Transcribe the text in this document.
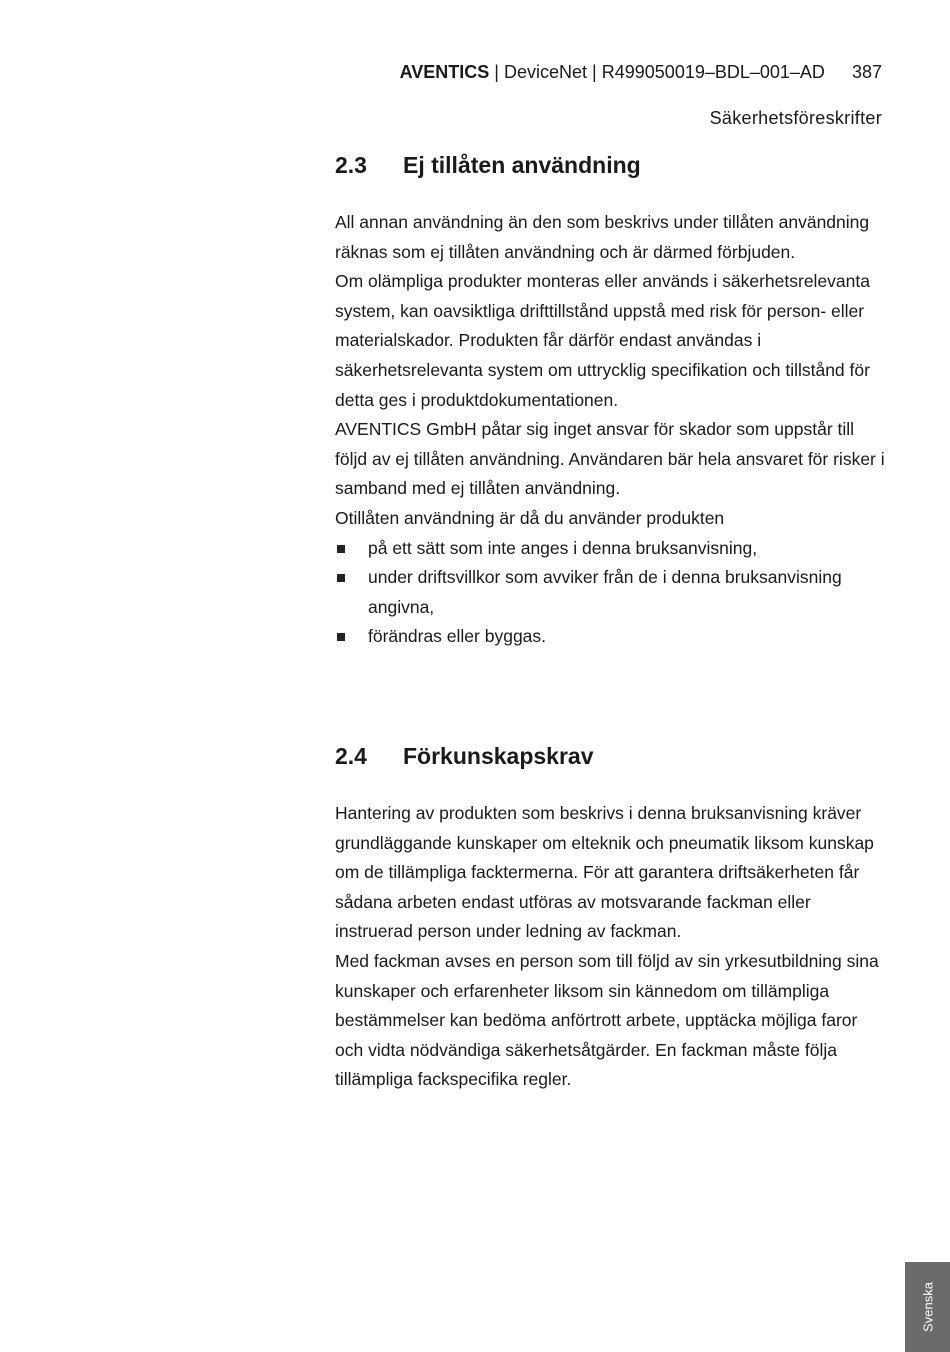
AVENTICS | DeviceNet | R499050019–BDL–001–AD 387
Säkerhetsföreskrifter
2.3 Ej tillåten användning

All annan användning än den som beskrivs under tillåten användning räknas som ej tillåten användning och är därmed förbjuden.

Om olämpliga produkter monteras eller används i säkerhetsrelevanta system, kan oavsiktliga drifttillstånd uppstå med risk för person- eller materialskador. Produkten får därför endast användas i säkerhetsrelevanta system om uttrycklig specifikation och tillstånd för detta ges i produktdokumentationen.

AVENTICS GmbH påtar sig inget ansvar för skador som uppstår till följd av ej tillåten användning. Användaren bär hela ansvaret för risker i samband med ej tillåten användning.

Otillåten användning är då du använder produkten

på ett sätt som inte anges i denna bruksanvisning,
under driftsvillkor som avviker från de i denna bruksanvisning angivna,
förändras eller byggas.
2.4 Förkunskapskrav

Hantering av produkten som beskrivs i denna bruksanvisning kräver grundläggande kunskaper om elteknik och pneumatik liksom kunskap om de tillämpliga facktermerna. För att garantera driftsäkerheten får sådana arbeten endast utföras av motsvarande fackman eller instruerad person under ledning av fackman.

Med fackman avses en person som till följd av sin yrkesutbildning sina kunskaper och erfarenheter liksom sin kännedom om tillämpliga bestämmelser kan bedöma anförtrott arbete, upptäcka möjliga faror och vidta nödvändiga säkerhetsåtgärder. En fackman måste följa tillämpliga fackspecifika regler.

Svenska
